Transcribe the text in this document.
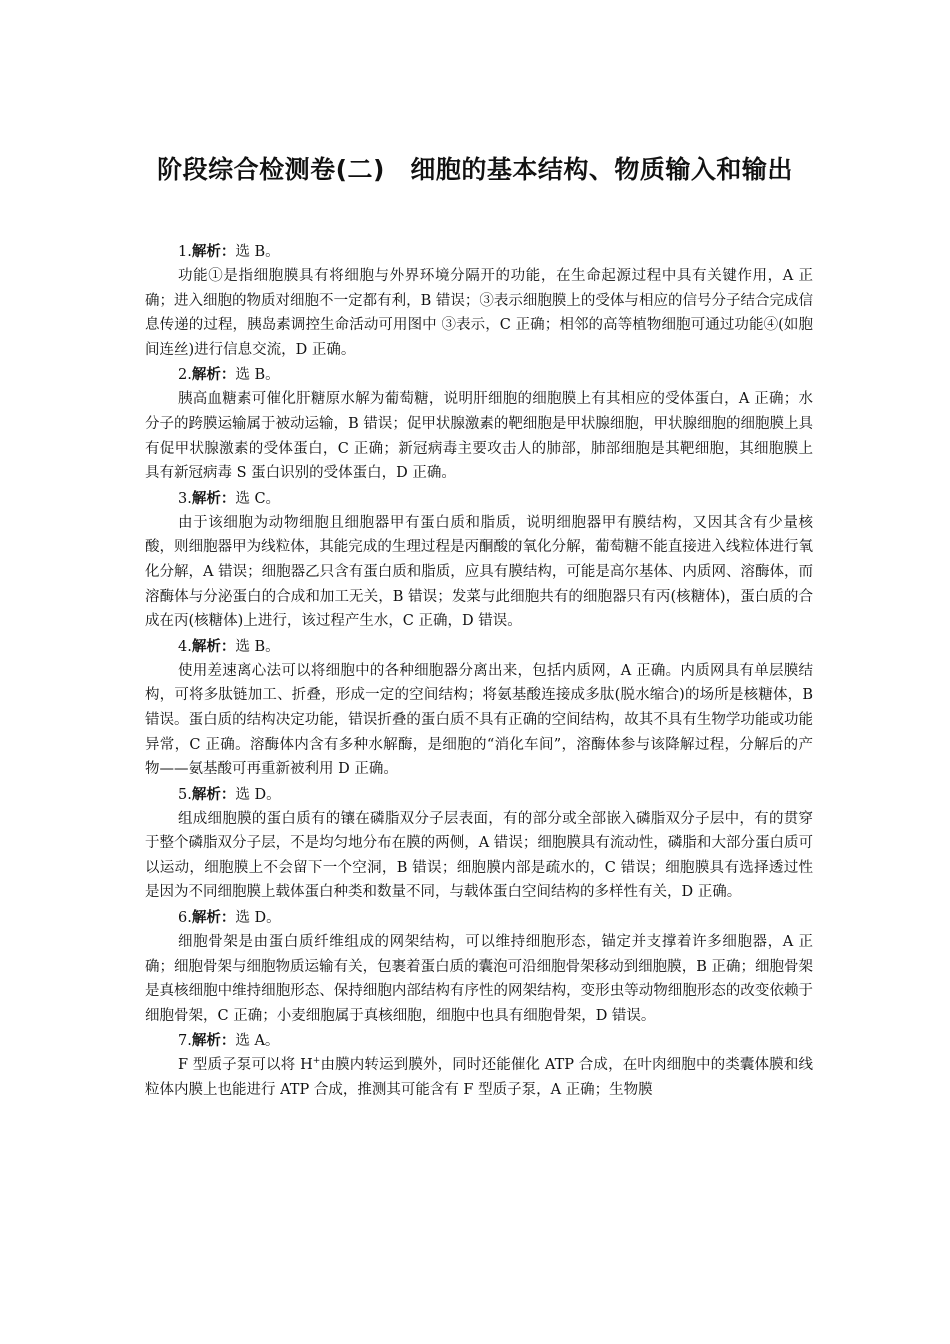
阶段综合检测卷(二)　细胞的基本结构、物质输入和输出
1.解析：选 B。

功能①是指细胞膜具有将细胞与外界环境分隔开的功能，在生命起源过程中具有关键作用，A 正确；进入细胞的物质对细胞不一定都有利，B 错误；③表示细胞膜上的受体与相应的信号分子结合完成信息传递的过程，胰岛素调控生命活动可用图中 ③表示，C 正确；相邻的高等植物细胞可通过功能④(如胞间连丝)进行信息交流，D 正确。

2.解析：选 B。

胰高血糖素可催化肝糖原水解为葡萄糖，说明肝细胞的细胞膜上有其相应的受体蛋白，A 正确；水分子的跨膜运输属于被动运输，B 错误；促甲状腺激素的靶细胞是甲状腺细胞，甲状腺细胞的细胞膜上具有促甲状腺激素的受体蛋白，C 正确；新冠病毒主要攻击人的肺部，肺部细胞是其靶细胞，其细胞膜上具有新冠病毒 S 蛋白识别的受体蛋白，D 正确。

3.解析：选 C。

由于该细胞为动物细胞且细胞器甲有蛋白质和脂质，说明细胞器甲有膜结构，又因其含有少量核酸，则细胞器甲为线粒体，其能完成的生理过程是丙酮酸的氧化分解，葡萄糖不能直接进入线粒体进行氧化分解，A 错误；细胞器乙只含有蛋白质和脂质，应具有膜结构，可能是高尔基体、内质网、溶酶体，而溶酶体与分泌蛋白的合成和加工无关，B 错误；发菜与此细胞共有的细胞器只有丙(核糖体)，蛋白质的合成在丙(核糖体)上进行，该过程产生水，C 正确，D 错误。

4.解析：选 B。

使用差速离心法可以将细胞中的各种细胞器分离出来，包括内质网，A 正确。内质网具有单层膜结构，可将多肽链加工、折叠，形成一定的空间结构；将氨基酸连接成多肽(脱水缩合)的场所是核糖体，B 错误。蛋白质的结构决定功能，错误折叠的蛋白质不具有正确的空间结构，故其不具有生物学功能或功能异常，C 正确。溶酶体内含有多种水解酶，是细胞的“消化车间”，溶酶体参与该降解过程，分解后的产物——氨基酸可再重新被利用 D 正确。

5.解析：选 D。

组成细胞膜的蛋白质有的镶在磷脂双分子层表面，有的部分或全部嵌入磷脂双分子层中，有的贯穿于整个磷脂双分子层，不是均匀地分布在膜的两侧，A 错误；细胞膜具有流动性，磷脂和大部分蛋白质可以运动，细胞膜上不会留下一个空洞，B 错误；细胞膜内部是疏水的，C 错误；细胞膜具有选择透过性是因为不同细胞膜上载体蛋白种类和数量不同，与载体蛋白空间结构的多样性有关，D 正确。

6.解析：选 D。

细胞骨架是由蛋白质纤维组成的网架结构，可以维持细胞形态，锚定并支撑着许多细胞器，A 正确；细胞骨架与细胞物质运输有关，包裹着蛋白质的囊泡可沿细胞骨架移动到细胞膜，B 正确；细胞骨架是真核细胞中维持细胞形态、保持细胞内部结构有序性的网架结构，变形虫等动物细胞形态的改变依赖于细胞骨架，C 正确；小麦细胞属于真核细胞，细胞中也具有细胞骨架，D 错误。

7.解析：选 A。

F 型质子泵可以将 H+由膜内转运到膜外，同时还能催化 ATP 合成，在叶肉细胞中的类囊体膜和线粒体内膜上也能进行 ATP 合成，推测其可能含有 F 型质子泵，A 正确；生物膜
